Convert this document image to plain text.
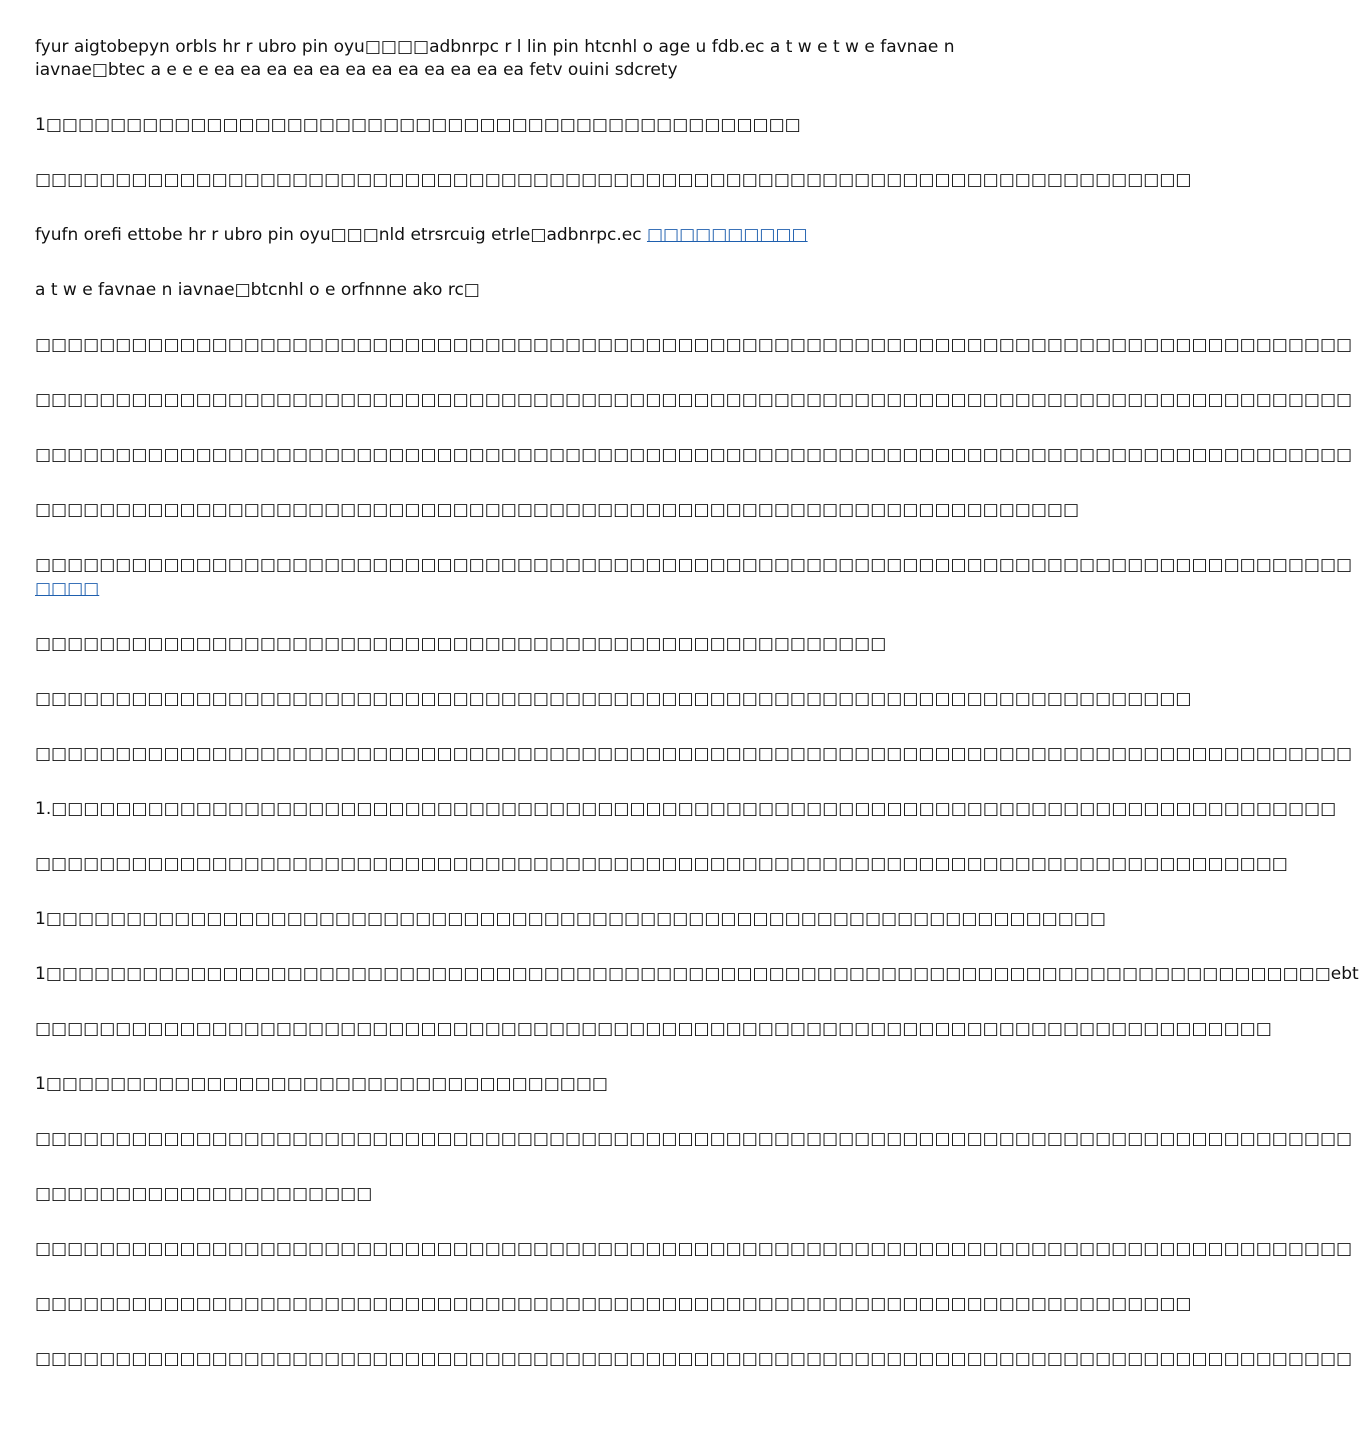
fyur aigtobepyn orbls hr r ubro pin oyu□□□□adbnrpc r l lin pin htcnhl o age u fdb.ec a t w e t w e favnae n iavnae□btec a e e e ea ea ea ea ea ea ea ea ea ea ea ea fetv ouini sdcrety

1□□□□□□□□□□□□□□□□□□□□□□□□□□□□□□□□□□□□□□□□□□□□□□□

□□□□□□□□□□□□□□□□□□□□□□□□□□□□□□□□□□□□□□□□□□□□□□□□□□□□□□□□□□□□□□□□□□□□□□□□

fyufn orefi ettobe hr r ubro pin oyu□□□nld etrsrcuig etrle□adbnrpc.ec □□□□□□□□□□

a t w e favnae n iavnae□btcnhl o e orfnnne ako rc□

□□□□□□□□□□□□□□□□□□□□□□□□□□□□□□□□□□□□□□□□□□□□□□□□□□□□□□□□□□□□□□□□□□□□□□□□□□□□□□□□□□

□□□□□□□□□□□□□□□□□□□□□□□□□□□□□□□□□□□□□□□□□□□□□□□□□□□□□□□□□□□□□□□□□□□□□□□□□□□□□□□□□□

□□□□□□□□□□□□□□□□□□□□□□□□□□□□□□□□□□□□□□□□□□□□□□□□□□□□□□□□□□□□□□□□□□□□□□□□□□□□□□□□□□

□□□□□□□□□□□□□□□□□□□□□□□□□□□□□□□□□□□□□□□□□□□□□□□□□□□□□□□□□□□□□□□□□

□□□□□□□□□□□□□□□□□□□□□□□□□□□□□□□□□□□□□□□□□□□□□□□□□□□□□□□□□□□□□□□□□□□□□□□□□□□□□□□□□□
□□□□

□□□□□□□□□□□□□□□□□□□□□□□□□□□□□□□□□□□□□□□□□□□□□□□□□□□□□

□□□□□□□□□□□□□□□□□□□□□□□□□□□□□□□□□□□□□□□□□□□□□□□□□□□□□□□□□□□□□□□□□□□□□□□□

□□□□□□□□□□□□□□□□□□□□□□□□□□□□□□□□□□□□□□□□□□□□□□□□□□□□□□□□□□□□□□□□□□□□□□□□□□□□□□□□□□

1.□□□□□□□□□□□□□□□□□□□□□□□□□□□□□□□□□□□□□□□□□□□□□□□□□□□□□□□□□□□□□□□□□□□□□□□□□□□□□□□□

□□□□□□□□□□□□□□□□□□□□□□□□□□□□□□□□□□□□□□□□□□□□□□□□□□□□□□□□□□□□□□□□□□□□□□□□□□□□□□

1□□□□□□□□□□□□□□□□□□□□□□□□□□□□□□□□□□□□□□□□□□□□□□□□□□□□□□□□□□□□□□□□□□

1□□□□□□□□□□□□□□□□□□□□□□□□□□□□□□□□□□□□□□□□□□□□□□□□□□□□□□□□□□□□□□□□□□□□□□□□□□□□□□□□ebt

□□□□□□□□□□□□□□□□□□□□□□□□□□□□□□□□□□□□□□□□□□□□□□□□□□□□□□□□□□□□□□□□□□□□□□□□□□□□□

1□□□□□□□□□□□□□□□□□□□□□□□□□□□□□□□□□□□

□□□□□□□□□□□□□□□□□□□□□□□□□□□□□□□□□□□□□□□□□□□□□□□□□□□□□□□□□□□□□□□□□□□□□□□□□□□□□□□□□□

□□□□□□□□□□□□□□□□□□□□□

□□□□□□□□□□□□□□□□□□□□□□□□□□□□□□□□□□□□□□□□□□□□□□□□□□□□□□□□□□□□□□□□□□□□□□□□□□□□□□□□□□

□□□□□□□□□□□□□□□□□□□□□□□□□□□□□□□□□□□□□□□□□□□□□□□□□□□□□□□□□□□□□□□□□□□□□□□□

□□□□□□□□□□□□□□□□□□□□□□□□□□□□□□□□□□□□□□□□□□□□□□□□□□□□□□□□□□□□□□□□□□□□□□□□□□□□□□□□□□
